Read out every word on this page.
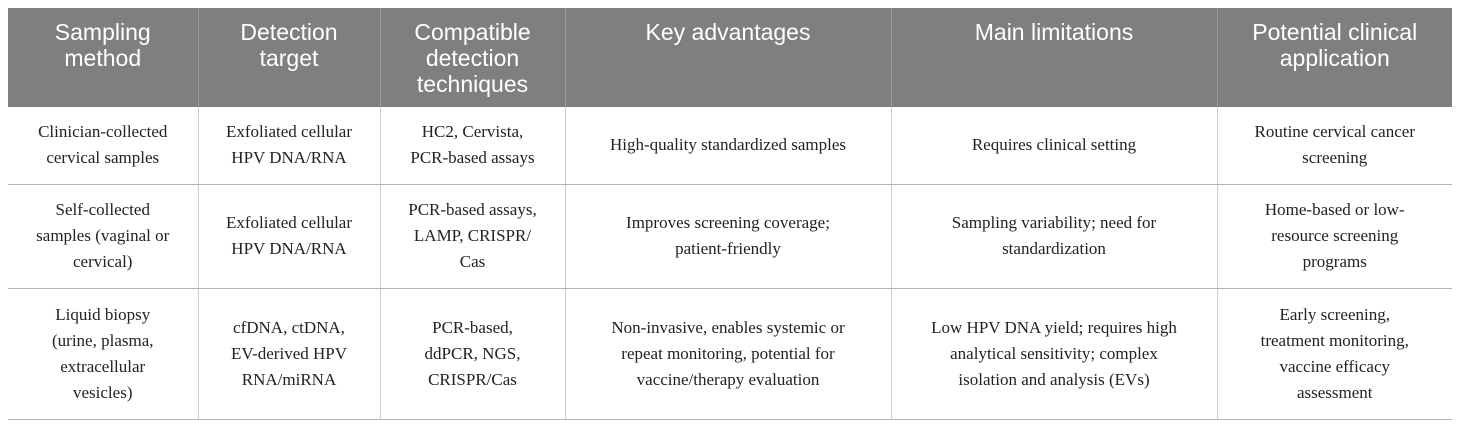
Sampling
method	Detection
target	Compatible
detection
techniques	Key advantages	Main limitations	Potential clinical
application

Clinician-collected
cervical samples	Exfoliated cellular
HPV DNA/RNA	HC2, Cervista,
PCR-based assays	High-quality standardized samples	Requires clinical setting	Routine cervical cancer
screening

Self-collected
samples (vaginal or
cervical)	Exfoliated cellular
HPV DNA/RNA	PCR-based assays,
LAMP, CRISPR/
Cas	Improves screening coverage;
patient-friendly	Sampling variability; need for
standardization	Home-based or low-
resource screening
programs

Liquid biopsy
(urine, plasma,
extracellular
vesicles)	cfDNA, ctDNA,
EV-derived HPV
RNA/miRNA	PCR-based,
ddPCR, NGS,
CRISPR/Cas	Non-invasive, enables systemic or
repeat monitoring, potential for
vaccine/therapy evaluation	Low HPV DNA yield; requires high
analytical sensitivity; complex
isolation and analysis (EVs)	Early screening,
treatment monitoring,
vaccine efficacy
assessment
